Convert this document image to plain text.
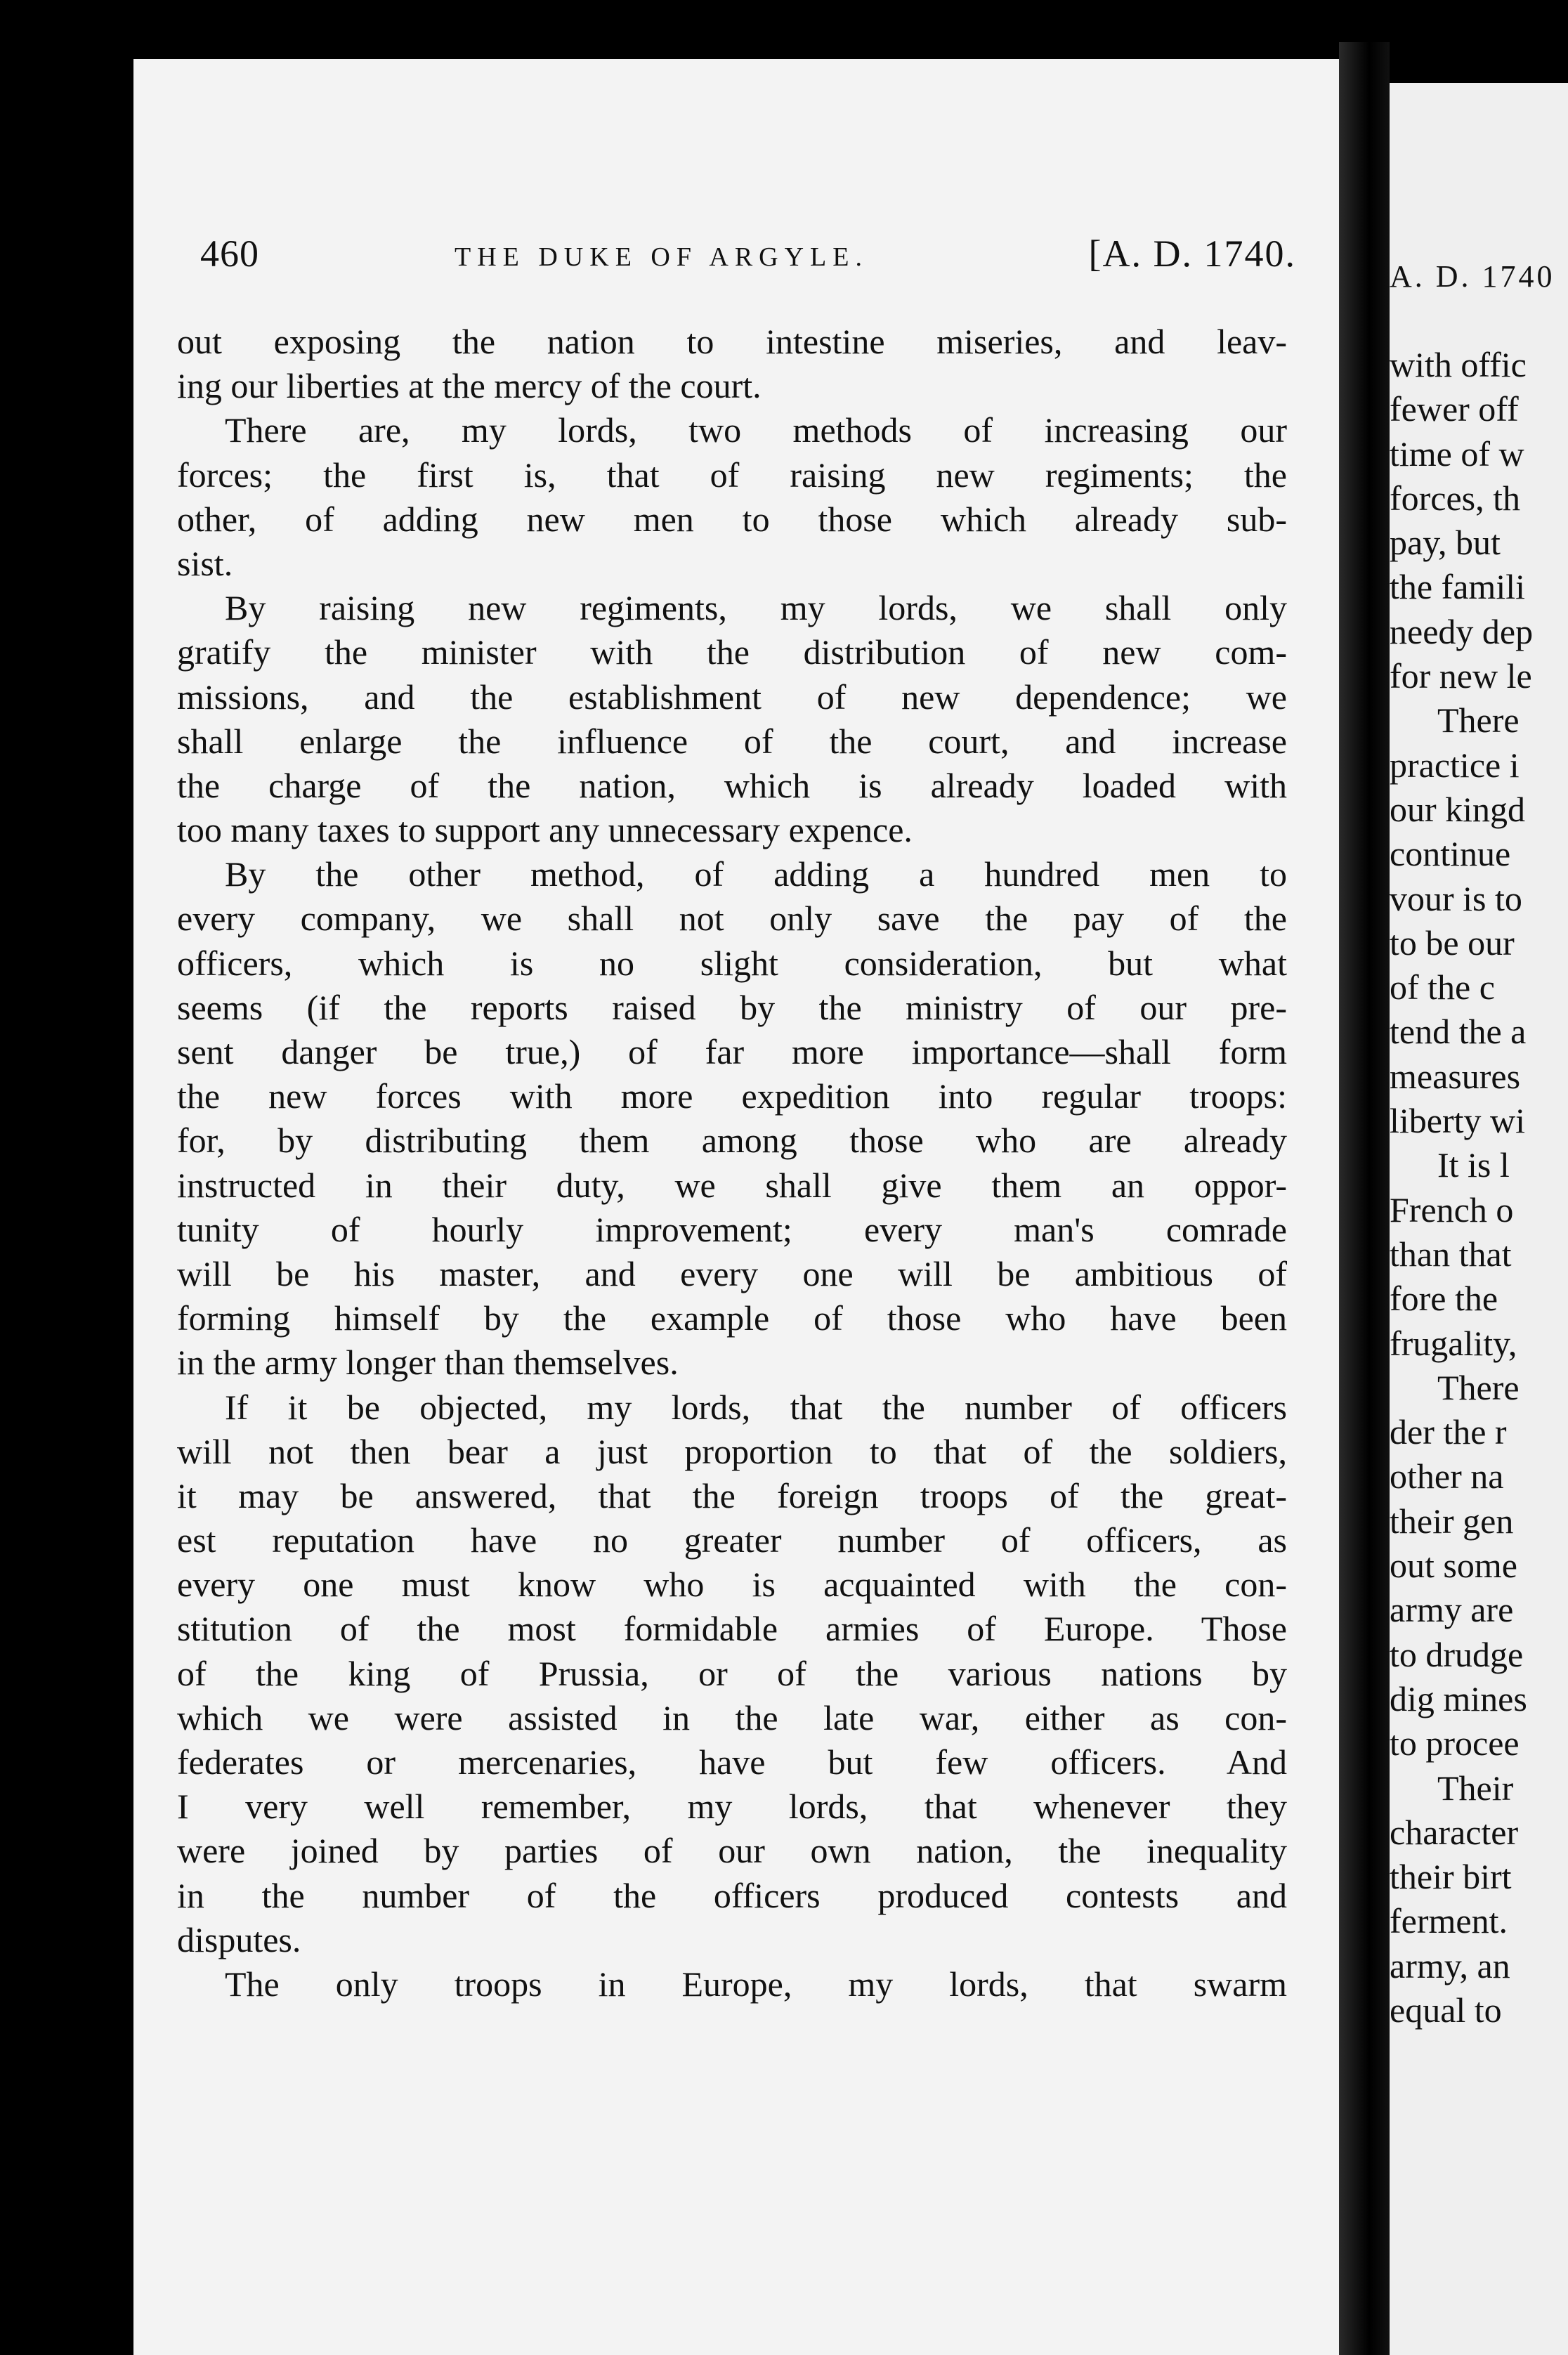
460	THE DUKE OF ARGYLE.	[A. D. 1740.
out exposing the nation to intestine miseries, and leav-
ing our liberties at the mercy of the court.
There are, my lords, two methods of increasing our
forces; the first is, that of raising new regiments; the
other, of adding new men to those which already sub-
sist.
By raising new regiments, my lords, we shall only
gratify the minister with the distribution of new com-
missions, and the establishment of new dependence; we
shall enlarge the influence of the court, and increase
the charge of the nation, which is already loaded with
too many taxes to support any unnecessary expence.
By the other method, of adding a hundred men to
every company, we shall not only save the pay of the
officers, which is no slight consideration, but what
seems (if the reports raised by the ministry of our pre-
sent danger be true,) of far more importance—shall form
the new forces with more expedition into regular troops:
for, by distributing them among those who are already
instructed in their duty, we shall give them an oppor-
tunity of hourly improvement; every man's comrade
will be his master, and every one will be ambitious of
forming himself by the example of those who have been
in the army longer than themselves.
If it be objected, my lords, that the number of officers
will not then bear a just proportion to that of the soldiers,
it may be answered, that the foreign troops of the great-
est reputation have no greater number of officers, as
every one must know who is acquainted with the con-
stitution of the most formidable armies of Europe. Those
of the king of Prussia, or of the various nations by
which we were assisted in the late war, either as con-
federates or mercenaries, have but few officers. And
I very well remember, my lords, that whenever they
were joined by parties of our own nation, the inequality
in the number of the officers produced contests and
disputes.
The only troops in Europe, my lords, that swarm
A. D. 1740
with offic
fewer off
time of w
forces, th
pay, but
the famili
needy dep
for new le
There
practice i
our kingd
continue
vour is to
to be our
of the c
tend the a
measures
liberty wi
It is l
French o
than that
fore the
frugality,
There
der the r
other na
their gen
out some
army are
to drudge
dig mines
to procee
Their
character
their birt
ferment.
army, an
equal to
